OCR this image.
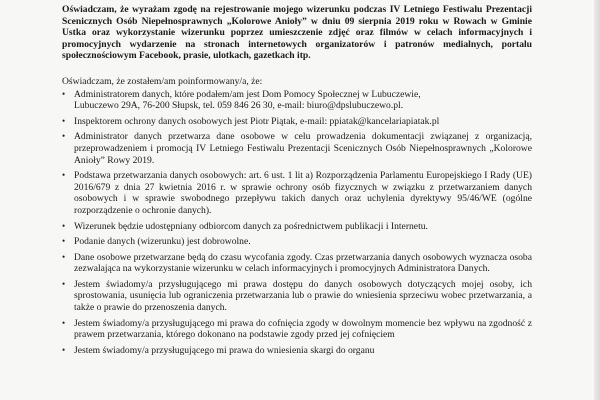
Oświadczam, że wyrażam zgodę na rejestrowanie mojego wizerunku podczas IV Letniego Festiwalu Prezentacji Scenicznych Osób Niepełnosprawnych „Kolorowe Anioły” w dniu 09 sierpnia 2019 roku w Rowach w Gminie Ustka oraz wykorzystanie wizerunku poprzez umieszczenie zdjęć oraz filmów w celach informacyjnych i promocyjnych wydarzenie na stronach internetowych organizatorów i patronów medialnych, portalu społecznościowym Facebook, prasie, ulotkach, gazetkach itp.

Oświadczam, że zostałem/am poinformowany/a, że:

• Administratorem danych, które podałem/am jest Dom Pomocy Społecznej w Lubuczewie,
Lubuczewo 29A, 76-200 Słupsk, tel. 059 846 26 30, e-mail: biuro@dpslubuczewo.pl.
• Inspektorem ochrony danych osobowych jest Piotr Piątak, e-mail: ppiatak@kancelariapiatak.pl
• Administrator danych przetwarza dane osobowe w celu prowadzenia dokumentacji związanej z organizacją, przeprowadzeniem i promocją IV Letniego Festiwalu Prezentacji Scenicznych Osób Niepełnosprawnych „Kolorowe Anioły” Rowy 2019.
• Podstawa przetwarzania danych osobowych: art. 6 ust. 1 lit a) Rozporządzenia Parlamentu Europejskiego I Rady (UE) 2016/679 z dnia 27 kwietnia 2016 r. w sprawie ochrony osób fizycznych w związku z przetwarzaniem danych osobowych i w sprawie swobodnego przepływu takich danych oraz uchylenia dyrektywy 95/46/WE (ogólne rozporządzenie o ochronie danych).
• Wizerunek będzie udostępniany odbiorcom danych za pośrednictwem publikacji i Internetu.
• Podanie danych (wizerunku) jest dobrowolne.
• Dane osobowe przetwarzane będą do czasu wycofania zgody. Czas przetwarzania danych osobowych wyznacza osoba zezwalająca na wykorzystanie wizerunku w celach informacyjnych i promocyjnych Administratora Danych.
• Jestem świadomy/a przysługującego mi prawa dostępu do danych osobowych dotyczących mojej osoby, ich sprostowania, usunięcia lub ograniczenia przetwarzania lub o prawie do wniesienia sprzeciwu wobec przetwarzania, a także o prawie do przenoszenia danych.
• Jestem świadomy/a przysługującego mi prawa do cofnięcia zgody w dowolnym momencie bez wpływu na zgodność z prawem przetwarzania, którego dokonano na podstawie zgody przed jej cofnięciem
• Jestem świadomy/a przysługującego mi prawa do wniesienia skargi do organu
